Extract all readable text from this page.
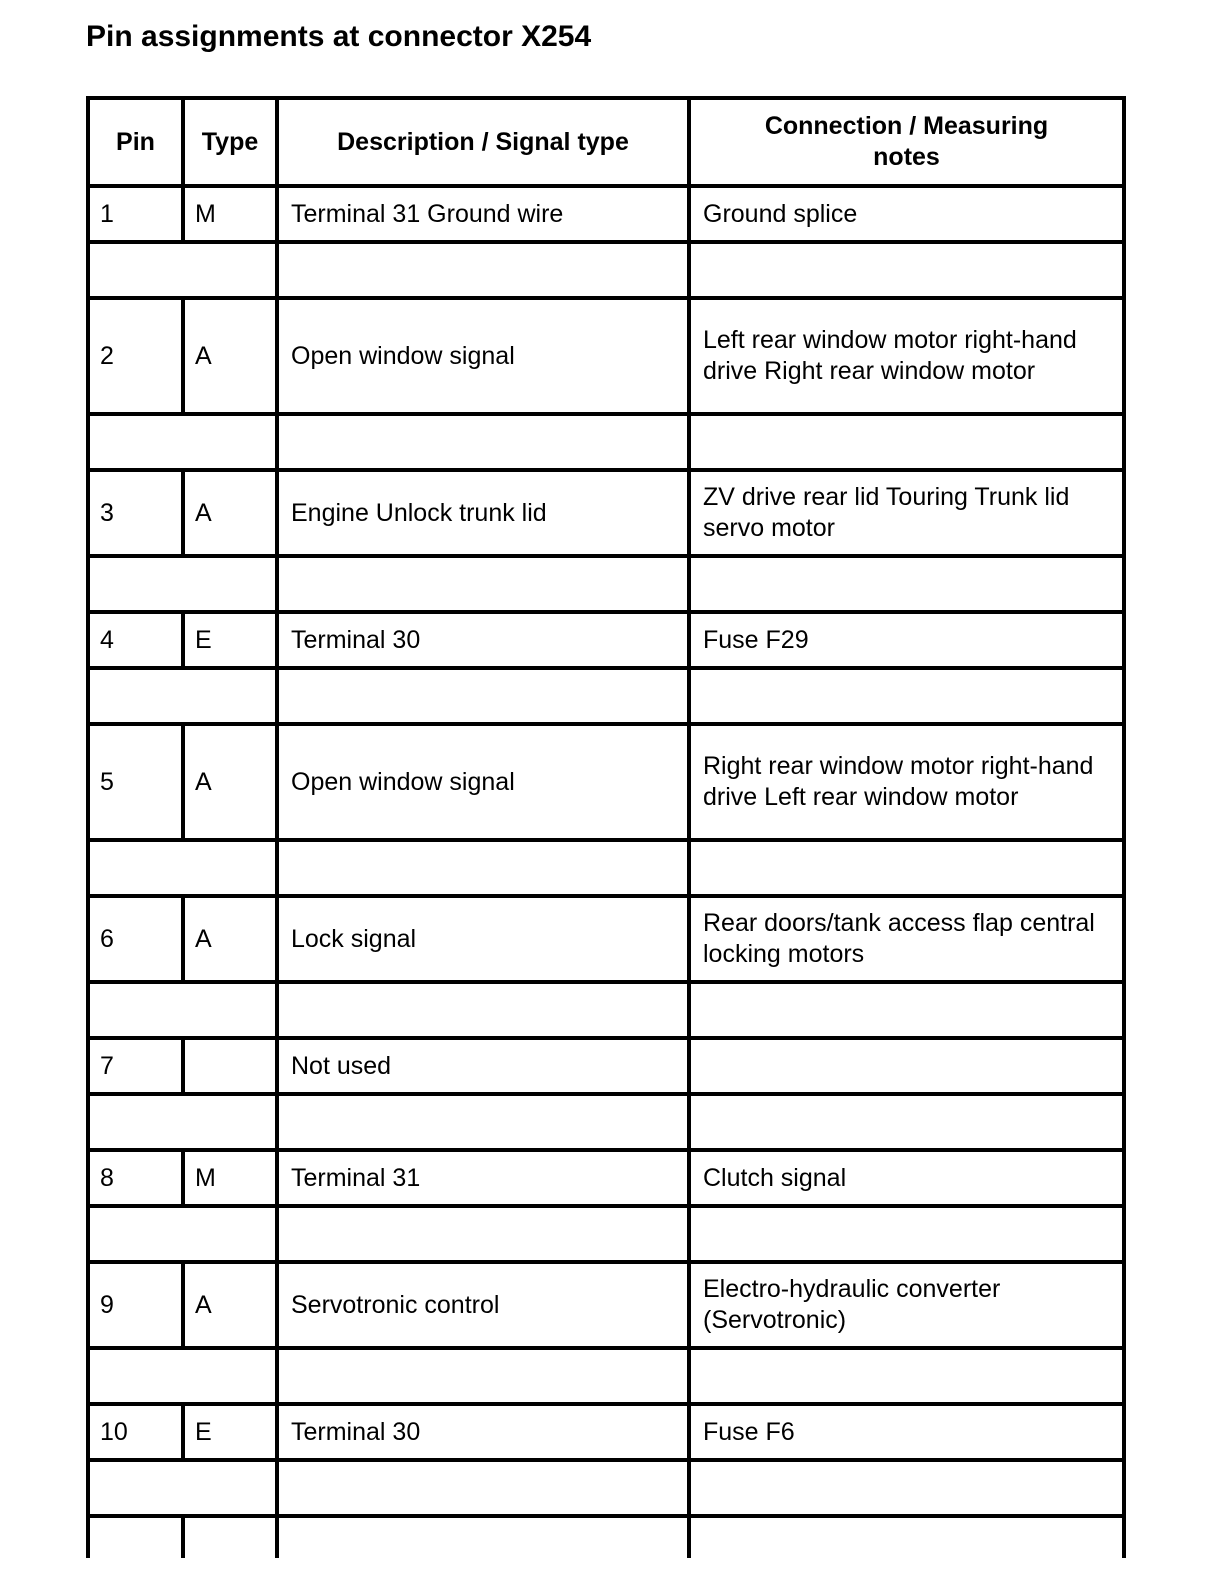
Pin assignments at connector X254
Pin	Type	Description / Signal type	Connection / Measuring notes
1	M	Terminal 31 Ground wire	Ground splice

2	A	Open window signal	Left rear window motor right-hand drive Right rear window motor

3	A	Engine Unlock trunk lid	ZV drive rear lid Touring Trunk lid servo motor

4	E	Terminal 30	Fuse F29

5	A	Open window signal	Right rear window motor right-hand drive Left rear window motor

6	A	Lock signal	Rear doors/tank access flap central locking motors

7		Not used	

8	M	Terminal 31	Clutch signal

9	A	Servotronic control	Electro-hydraulic converter (Servotronic)

10	E	Terminal 30	Fuse F6
